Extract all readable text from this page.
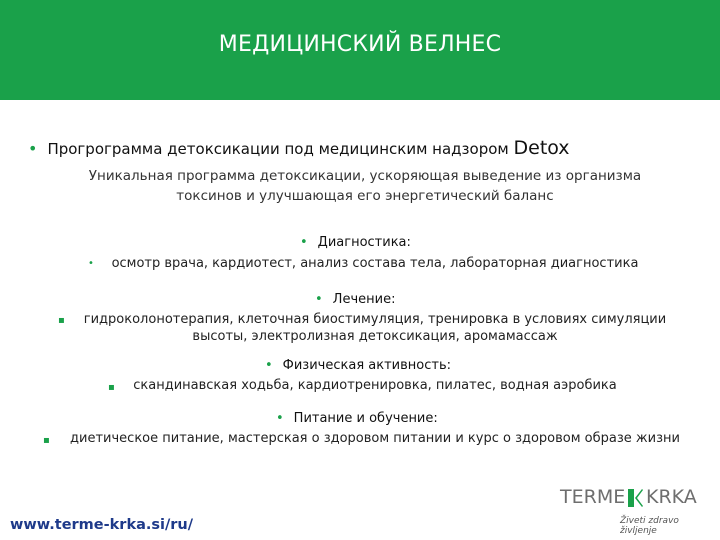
МЕДИЦИНСКИЙ ВЕЛНЕС
• Прогрограмма детоксикации под медицинским надзором Detox
Уникальная программа детоксикации, ускоряющая выведение из организма
токсинов и улучшающая его энергетический баланс
• Диагностика:
•	осмотр врача, кардиотест, анализ состава тела, лабораторная диагностика
• Лечение:
▪	гидроколонотерапия, клеточная биостимуляция, тренировка в условиях симуляции
высоты, электролизная детоксикация, аромамассаж
• Физическая активность:
▪	скандинавская ходьба, кардиотренировка, пилатес, водная аэробика
• Питание и обучение:
▪	диетическое питание, мастерская о здоровом питании и курс о здоровом образе жизни
www.terme-krka.si/ru/
TERME KRKA
Živeti zdravo življenje
